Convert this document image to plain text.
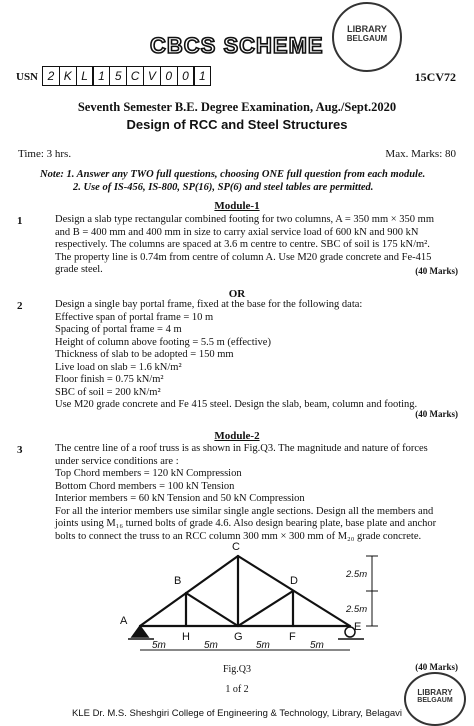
CBCS SCHEME
LIBRARY
BELGAUM
USN 2 K L 1 5 C V 0 0 1	15CV72
Seventh Semester B.E. Degree Examination, Aug./Sept.2020
Design of RCC and Steel Structures
Time: 3 hrs.	Max. Marks: 80
Note: 1. Answer any TWO full questions, choosing ONE full question from each module.
2. Use of IS-456, IS-800, SP(16), SP(6) and steel tables are permitted.
Module-1
1	Design a slab type rectangular combined footing for two columns, A = 350 mm × 350 mm
and B = 400 mm and 400 mm in size to carry axial service load of 600 kN and 900 kN
respectively. The columns are spaced at 3.6 m centre to centre. SBC of soil is 175 kN/m².
The property line is 0.74m from centre of column A. Use M20 grade concrete and Fe-415
grade steel.	(40 Marks)
OR
2	Design a single bay portal frame, fixed at the base for the following data:
Effective span of portal frame = 10 m
Spacing of portal frame = 4 m
Height of column above footing = 5.5 m (effective)
Thickness of slab to be adopted = 150 mm
Live load on slab = 1.6 kN/m²
Floor finish = 0.75 kN/m²
SBC of soil = 200 kN/m²
Use M20 grade concrete and Fe 415 steel. Design the slab, beam, column and footing.
(40 Marks)
Module-2
3	The centre line of a roof truss is as shown in Fig.Q3. The magnitude and nature of forces
under service conditions are :
Top Chord members = 120 kN Compression
Bottom Chord members = 100 kN Tension
Interior members = 60 kN Tension and 50 kN Compression
For all the interior members use similar single angle sections. Design all the members and
joints using M₁₆ turned bolts of grade 4.6. Also design bearing plate, base plate and anchor
bolts to connect the truss to an RCC column 300 mm × 300 mm of M₂₀ grade concrete.
A
B
C
D
E
H	G	F
5m	5m	5m	5m
2.5m
2.5m
Fig.Q3	(40 Marks)
LIBRARY
BELGAUM
1 of 2
KLE Dr. M.S. Sheshgiri College of Engineering & Technology, Library, Belagavi
